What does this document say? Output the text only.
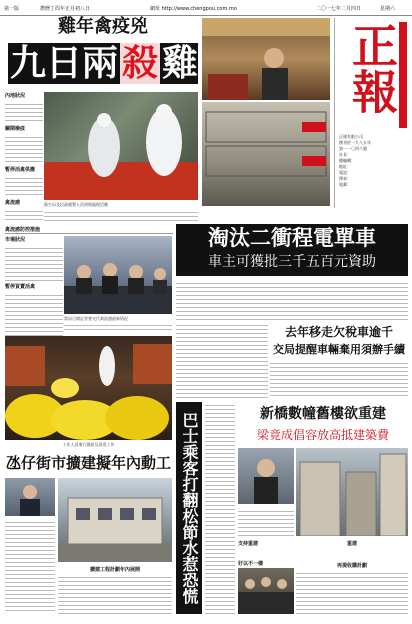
第一版	農曆丁酉年正月初八日	網址 http://www.chengpou.com.mo	二〇一七年二月四日	星期六
雞年禽疫兇
九日兩 殺 雞
內地狀況
關閘檢疫
暫停活禽供應
禽流感	衛生局及民政總署人員到場處理活雞
正報
正報有限公司
創刊於一九八五年
第一一〇四八號
社長：
總編輯：
地址：
電話：
傳真：
電郵：
禽流感防控措施
市場狀況
暫停買賣活禽
當局召開記者會交代禽流感最新情況
工作人員進行撲殺及消毒工作
淘汰二衝程電單車
車主可獲批三千五百元資助
去年移走欠稅車逾千
交局提醒車輛棄用須辦手續
巴士乘客打翻松節水惹恐慌
氹仔街市擴建擬年內動工
擴建工程計劃年內展開
新橋數幢舊樓欲重建
梁竟成倡容放高抵建築費
支持重建
好以不一樣
重建
再提收購計劃
